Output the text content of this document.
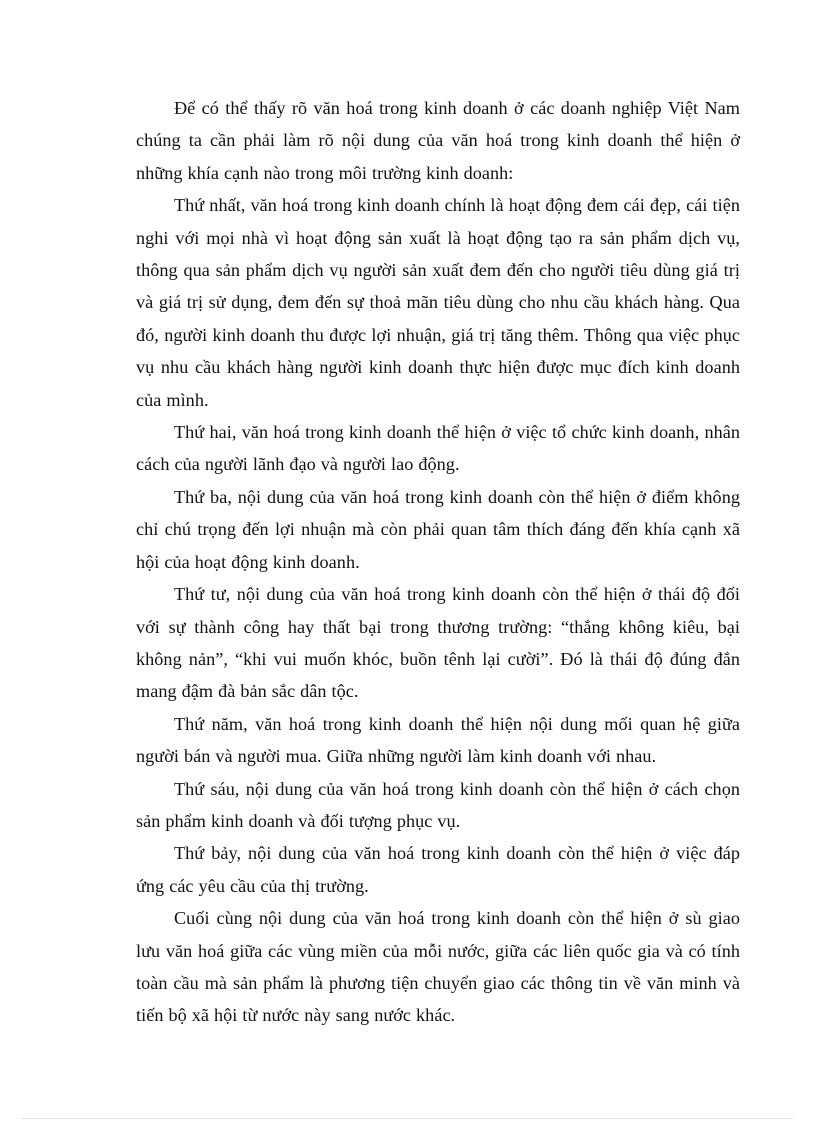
Để có thể thấy rõ văn hoá trong kinh doanh ở các doanh nghiệp Việt Nam chúng ta cần phải làm rõ nội dung của văn hoá trong kinh doanh thể hiện ở những khía cạnh nào trong môi trường kinh doanh:

Thứ nhất, văn hoá trong kinh doanh chính là hoạt động đem cái đẹp, cái tiện nghi với mọi nhà vì hoạt động sản xuất là hoạt động tạo ra sản phẩm dịch vụ, thông qua sản phẩm dịch vụ người sản xuất đem đến cho người tiêu dùng giá trị và giá trị sử dụng, đem đến sự thoả mãn tiêu dùng cho nhu cầu khách hàng. Qua đó, người kinh doanh thu được lợi nhuận, giá trị tăng thêm. Thông qua việc phục vụ nhu cầu khách hàng người kinh doanh thực hiện được mục đích kinh doanh của mình.

Thứ hai, văn hoá trong kinh doanh thể hiện ở việc tổ chức kinh doanh, nhân cách của người lãnh đạo và người lao động.

Thứ ba, nội dung của văn hoá trong kinh doanh còn thể hiện ở điểm không chỉ chú trọng đến lợi nhuận mà còn phải quan tâm thích đáng đến khía cạnh xã hội của hoạt động kinh doanh.

Thứ tư, nội dung của văn hoá trong kinh doanh còn thể hiện ở thái độ đối với sự thành công hay thất bại trong thương trường: “thắng không kiêu, bại không nản”, “khi vui muốn khóc, buồn tênh lại cười”. Đó là thái độ đúng đắn mang đậm đà bản sắc dân tộc.

Thứ năm, văn hoá trong kinh doanh thể hiện nội dung mối quan hệ giữa người bán và người mua. Giữa những người làm kinh doanh với nhau.

Thứ sáu, nội dung của văn hoá trong kinh doanh còn thể hiện ở cách chọn sản phẩm kinh doanh và đối tượng phục vụ.

Thứ bảy, nội dung của văn hoá trong kinh doanh còn thể hiện ở việc đáp ứng các yêu cầu của thị trường.

Cuối cùng nội dung của văn hoá trong kinh doanh còn thể hiện ở sù giao lưu văn hoá giữa các vùng miền của mỗi nước, giữa các liên quốc gia và có tính toàn cầu mà sản phẩm là phương tiện chuyển giao các thông tin về văn minh và tiến bộ xã hội từ nước này sang nước khác.
